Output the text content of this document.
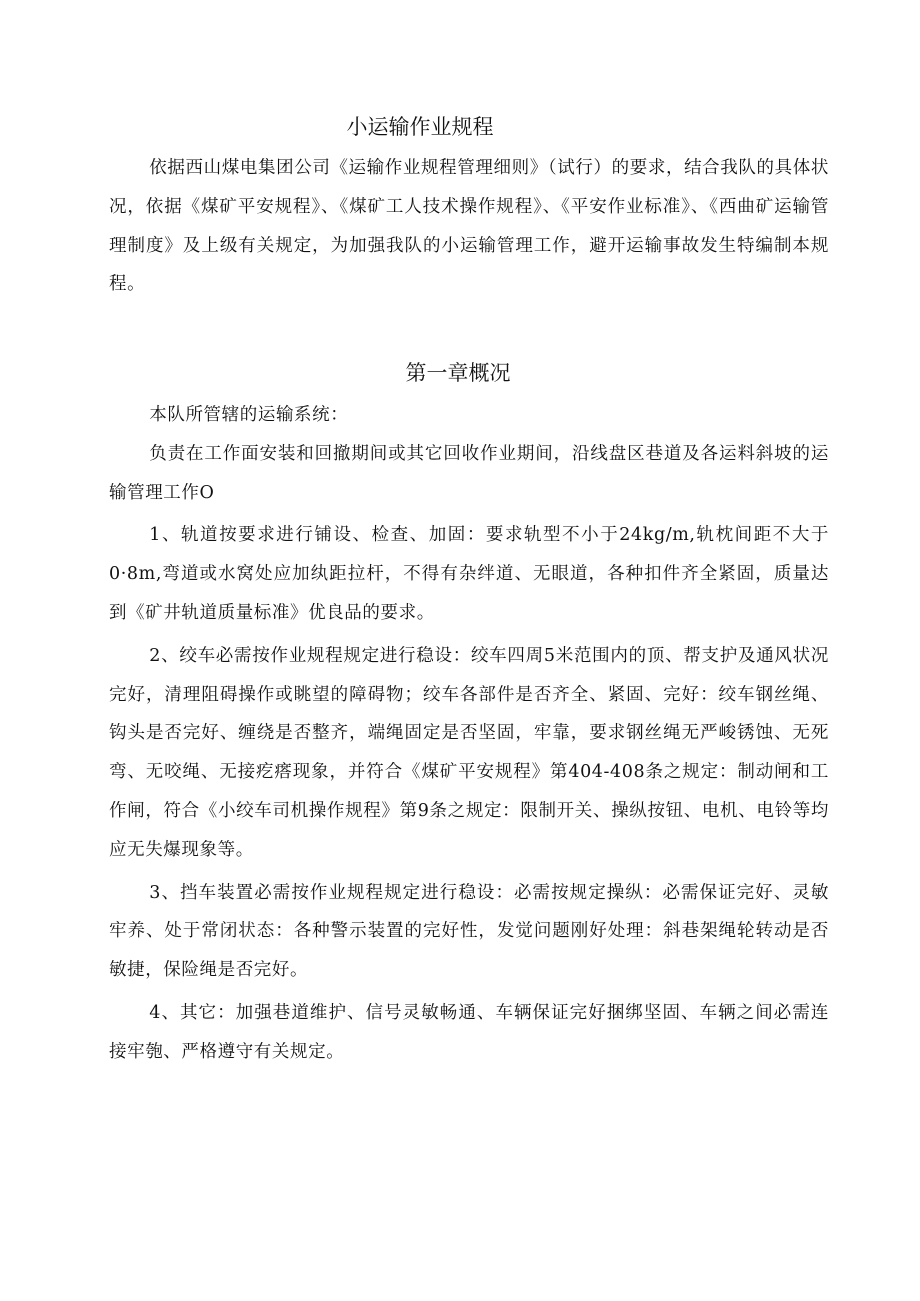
小运输作业规程

依据西山煤电集团公司《运输作业规程管理细则》（试行）的要求，结合我队的具体状况，依据《煤矿平安规程》、《煤矿工人技术操作规程》、《平安作业标准》、《西曲矿运输管理制度》及上级有关规定，为加强我队的小运输管理工作，避开运输事故发生特编制本规程。

第一章概况

本队所管辖的运输系统：

负责在工作面安装和回撤期间或其它回收作业期间，沿线盘区巷道及各运料斜坡的运输管理工作O

1、轨道按要求进行铺设、检查、加固：要求轨型不小于24kg/m,轨枕间距不大于0·8m,弯道或水窝处应加纨距拉杆，不得有杂绊道、无眼道，各种扣件齐全紧固，质量达到《矿井轨道质量标准》优良品的要求。

2、绞车必需按作业规程规定进行稳设：绞车四周5米范围内的顶、帮支护及通风状况完好，清理阻碍操作或眺望的障碍物；绞车各部件是否齐全、紧固、完好：绞车钢丝绳、钩头是否完好、缠绕是否整齐，端绳固定是否坚固，牢靠，要求钢丝绳无严峻锈蚀、无死弯、无咬绳、无接疙瘩现象，并符合《煤矿平安规程》第404-408条之规定：制动闸和工作闸，符合《小绞车司机操作规程》第9条之规定：限制开关、操纵按钮、电机、电铃等均应无失爆现象等。

3、挡车装置必需按作业规程规定进行稳设：必需按规定操纵：必需保证完好、灵敏牢养、处于常闭状态：各种警示装置的完好性，发觉问题刚好处理：斜巷架绳轮转动是否敏捷，保险绳是否完好。

4、其它：加强巷道维护、信号灵敏畅通、车辆保证完好捆绑坚固、车辆之间必需连接牢匏、严格遵守有关规定。
